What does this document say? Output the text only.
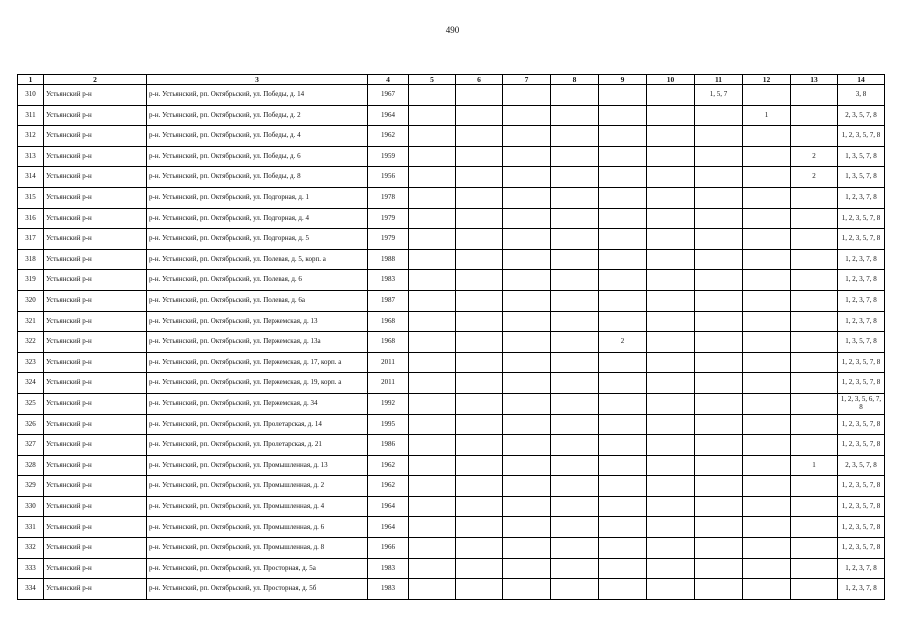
490
1	2	3	4	5	6	7	8	9	10	11	12	13	14
310	Устьянский р-н	р-н. Устьянский, рп. Октябрьский, ул. Победы, д. 14	1967							1, 5, 7			3, 8
311	Устьянский р-н	р-н. Устьянский, рп. Октябрьский, ул. Победы, д. 2	1964								1		2, 3, 5, 7, 8
312	Устьянский р-н	р-н. Устьянский, рп. Октябрьский, ул. Победы, д. 4	1962										1, 2, 3, 5, 7, 8
313	Устьянский р-н	р-н. Устьянский, рп. Октябрьский, ул. Победы, д. 6	1959									2	1, 3, 5, 7, 8
314	Устьянский р-н	р-н. Устьянский, рп. Октябрьский, ул. Победы, д. 8	1956									2	1, 3, 5, 7, 8
315	Устьянский р-н	р-н. Устьянский, рп. Октябрьский, ул. Подгорная, д. 1	1978										1, 2, 3, 7, 8
316	Устьянский р-н	р-н. Устьянский, рп. Октябрьский, ул. Подгорная, д. 4	1979										1, 2, 3, 5, 7, 8
317	Устьянский р-н	р-н. Устьянский, рп. Октябрьский, ул. Подгорная, д. 5	1979										1, 2, 3, 5, 7, 8
318	Устьянский р-н	р-н. Устьянский, рп. Октябрьский, ул. Полевая, д. 5, корп. а	1988										1, 2, 3, 7, 8
319	Устьянский р-н	р-н. Устьянский, рп. Октябрьский, ул. Полевая, д. 6	1983										1, 2, 3, 7, 8
320	Устьянский р-н	р-н. Устьянский, рп. Октябрьский, ул. Полевая, д. 6а	1987										1, 2, 3, 7, 8
321	Устьянский р-н	р-н. Устьянский, рп. Октябрьский, ул. Пержемская, д. 13	1968										1, 2, 3, 7, 8
322	Устьянский р-н	р-н. Устьянский, рп. Октябрьский, ул. Пержемская, д. 13а	1968					2					1, 3, 5, 7, 8
323	Устьянский р-н	р-н. Устьянский, рп. Октябрьский, ул. Пержемская, д. 17, корп. а	2011										1, 2, 3, 5, 7, 8
324	Устьянский р-н	р-н. Устьянский, рп. Октябрьский, ул. Пержемская, д. 19, корп. а	2011										1, 2, 3, 5, 7, 8
325	Устьянский р-н	р-н. Устьянский, рп. Октябрьский, ул. Пержемская, д. 34	1992										1, 2, 3, 5, 6, 7, 8
326	Устьянский р-н	р-н. Устьянский, рп. Октябрьский, ул. Пролетарская, д. 14	1995										1, 2, 3, 5, 7, 8
327	Устьянский р-н	р-н. Устьянский, рп. Октябрьский, ул. Пролетарская, д. 21	1986										1, 2, 3, 5, 7, 8
328	Устьянский р-н	р-н. Устьянский, рп. Октябрьский, ул. Промышленная, д. 13	1962									1	2, 3, 5, 7, 8
329	Устьянский р-н	р-н. Устьянский, рп. Октябрьский, ул. Промышленная, д. 2	1962										1, 2, 3, 5, 7, 8
330	Устьянский р-н	р-н. Устьянский, рп. Октябрьский, ул. Промышленная, д. 4	1964										1, 2, 3, 5, 7, 8
331	Устьянский р-н	р-н. Устьянский, рп. Октябрьский, ул. Промышленная, д. 6	1964										1, 2, 3, 5, 7, 8
332	Устьянский р-н	р-н. Устьянский, рп. Октябрьский, ул. Промышленная, д. 8	1966										1, 2, 3, 5, 7, 8
333	Устьянский р-н	р-н. Устьянский, рп. Октябрьский, ул. Просторная, д. 5а	1983										1, 2, 3, 7, 8
334	Устьянский р-н	р-н. Устьянский, рп. Октябрьский, ул. Просторная, д. 5б	1983										1, 2, 3, 7, 8
